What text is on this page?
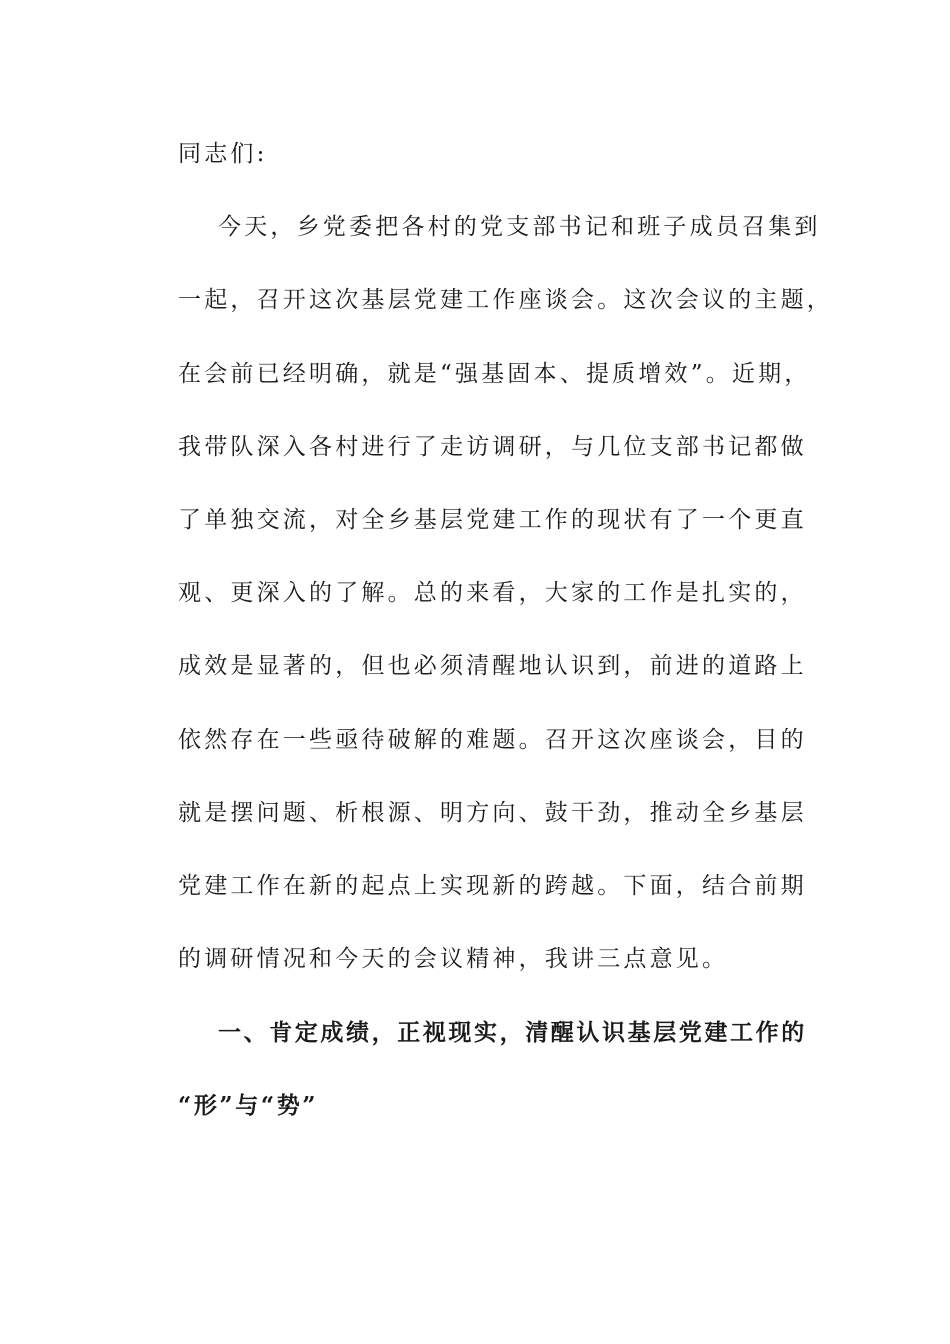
同志们:
今天，乡党委把各村的党支部书记和班子成员召集到
一起，召开这次基层党建工作座谈会。这次会议的主题，
在会前已经明确，就是“强基固本、提质增效”。近期，
我带队深入各村进行了走访调研，与几位支部书记都做
了单独交流，对全乡基层党建工作的现状有了一个更直
观、更深入的了解。总的来看，大家的工作是扎实的，
成效是显著的，但也必须清醒地认识到，前进的道路上
依然存在一些亟待破解的难题。召开这次座谈会，目的
就是摆问题、析根源、明方向、鼓干劲，推动全乡基层
党建工作在新的起点上实现新的跨越。下面，结合前期
的调研情况和今天的会议精神，我讲三点意见。
一、肯定成绩，正视现实，清醒认识基层党建工作的
“形”与“势”
